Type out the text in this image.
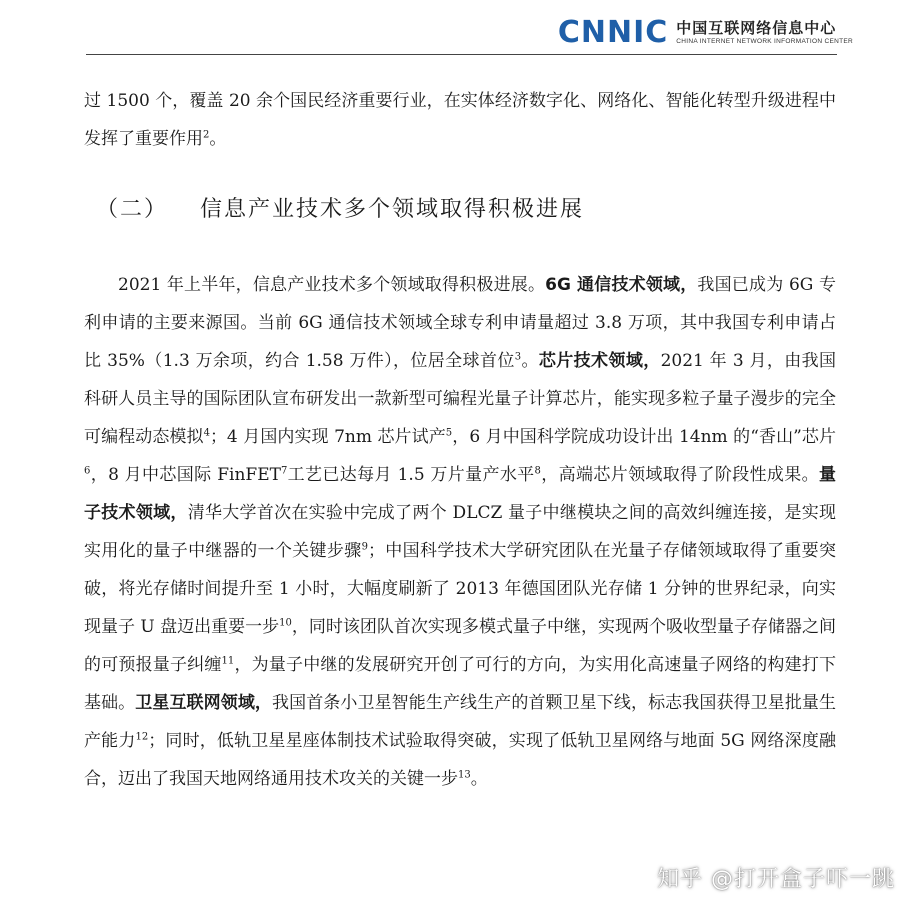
CNNIC 中国互联网络信息中心
CHINA INTERNET NETWORK INFORMATION CENTER

过 1500 个，覆盖 20 余个国民经济重要行业，在实体经济数字化、网络化、智能化转型升级进程中发挥了重要作用$^2$。

（二）	信息产业技术多个领域取得积极进展

2021 年上半年，信息产业技术多个领域取得积极进展。6G 通信技术领域，我国已成为 6G 专利申请的主要来源国。当前 6G 通信技术领域全球专利申请量超过 3.8 万项，其中我国专利申请占比 35%（1.3 万余项，约合 1.58 万件），位居全球首位$^3$。芯片技术领域，2021 年 3 月，由我国科研人员主导的国际团队宣布研发出一款新型可编程光量子计算芯片，能实现多粒子量子漫步的完全可编程动态模拟$^4$；4 月国内实现 7nm 芯片试产$^5$，6 月中国科学院成功设计出 14nm 的“香山”芯片$^6$，8 月中芯国际 FinFET$^7$工艺已达每月 1.5 万片量产水平$^8$，高端芯片领域取得了阶段性成果。量子技术领域，清华大学首次在实验中完成了两个 DLCZ 量子中继模块之间的高效纠缠连接，是实现实用化的量子中继器的一个关键步骤$^9$；中国科学技术大学研究团队在光量子存储领域取得了重要突破，将光存储时间提升至 1 小时，大幅度刷新了 2013 年德国团队光存储 1 分钟的世界纪录，向实现量子 U 盘迈出重要一步$^{10}$，同时该团队首次实现多模式量子中继，实现两个吸收型量子存储器之间的可预报量子纠缠$^{11}$，为量子中继的发展研究开创了可行的方向，为实用化高速量子网络的构建打下基础。卫星互联网领域，我国首条小卫星智能生产线生产的首颗卫星下线，标志我国获得卫星批量生产能力$^{12}$；同时，低轨卫星星座体制技术试验取得突破，实现了低轨卫星网络与地面 5G 网络深度融合，迈出了我国天地网络通用技术攻关的关键一步$^{13}$。

知乎 @打开盒子吓一跳
